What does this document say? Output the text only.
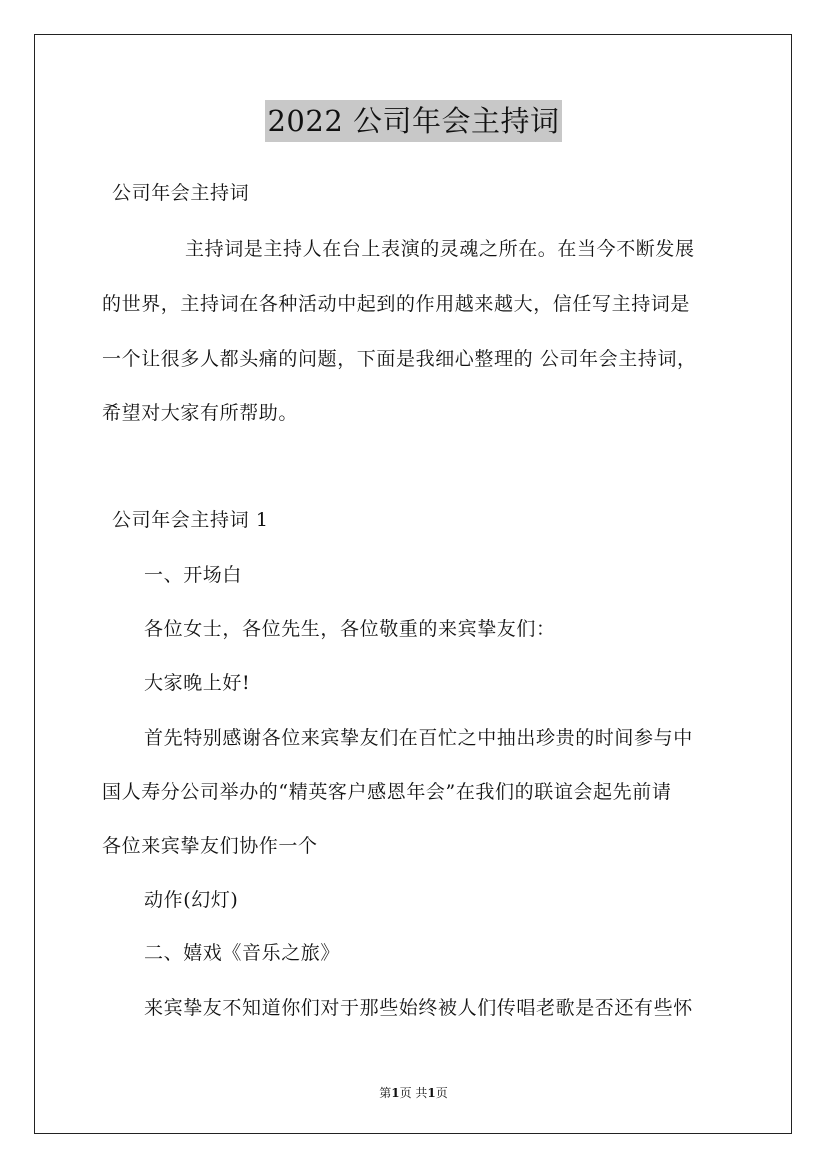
2022 公司年会主持词
公司年会主持词
主持词是主持人在台上表演的灵魂之所在。在当今不断发展
的世界，主持词在各种活动中起到的作用越来越大，信任写主持词是
一个让很多人都头痛的问题，下面是我细心整理的 公司年会主持词，
希望对大家有所帮助。
公司年会主持词 1
一、开场白
各位女士，各位先生，各位敬重的来宾挚友们：
大家晚上好!
首先特别感谢各位来宾挚友们在百忙之中抽出珍贵的时间参与中
国人寿分公司举办的“精英客户感恩年会”在我们的联谊会起先前请
各位来宾挚友们协作一个
动作(幻灯)
二、嬉戏《音乐之旅》
来宾挚友不知道你们对于那些始终被人们传唱老歌是否还有些怀
第1页 共1页
